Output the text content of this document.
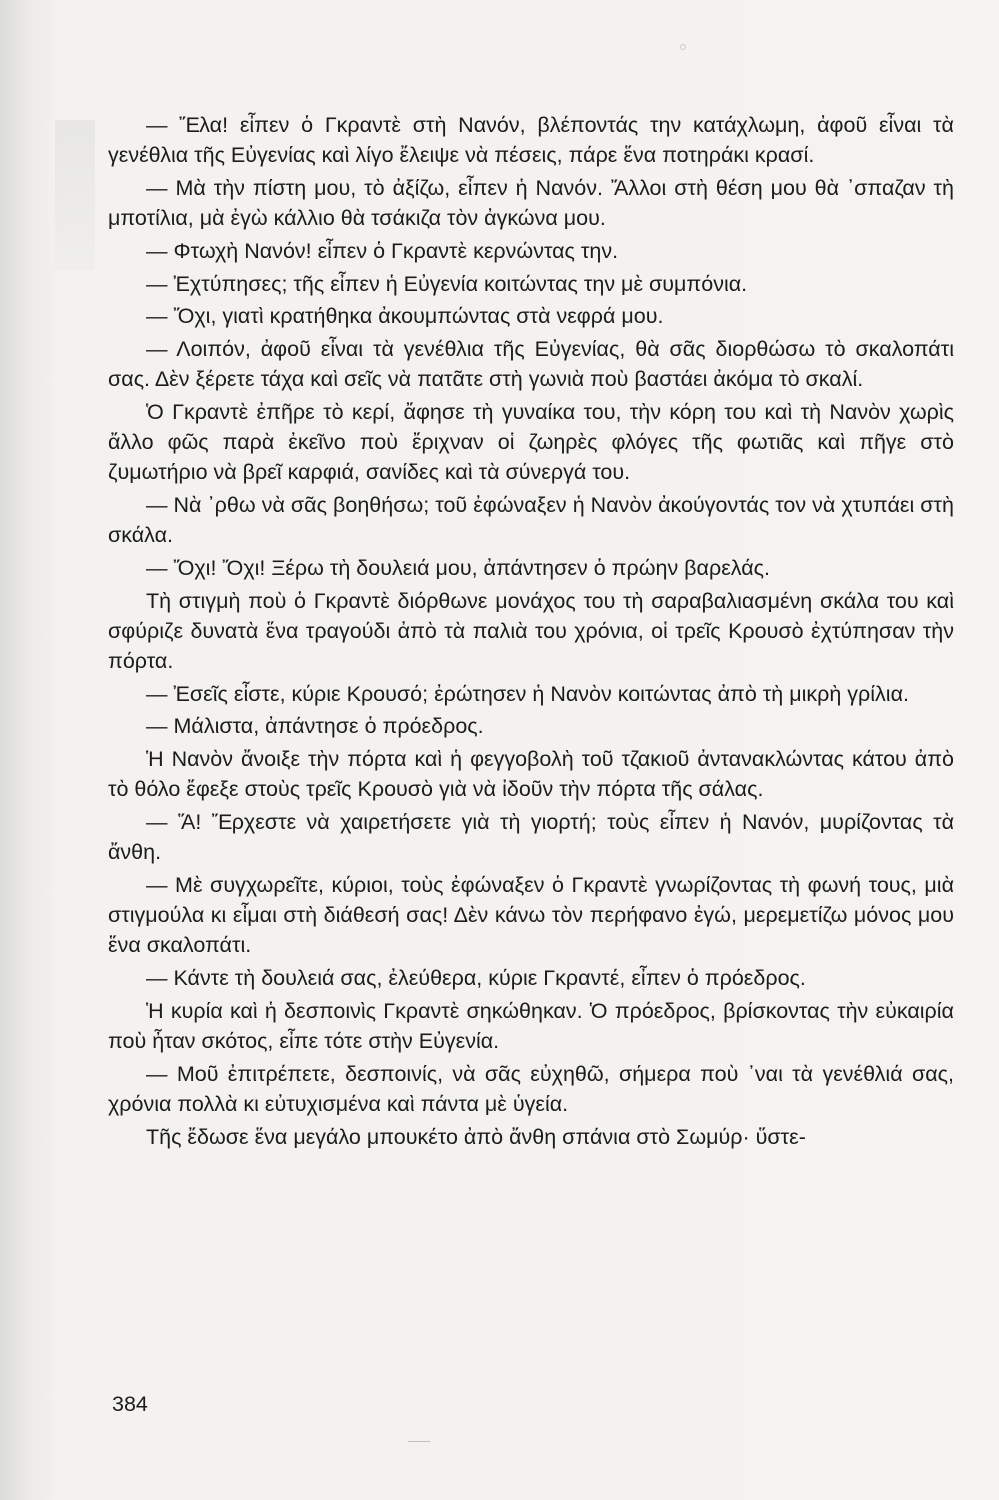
— Ἔλα! εἶπεν ὁ Γκραντὲ στὴ Νανόν, βλέποντάς την κατάχλωμη, ἀφοῦ εἶναι τὰ γενέθλια τῆς Εὐγενίας καὶ λίγο ἔλειψε νὰ πέσεις, πάρε ἕνα ποτηράκι κρασί.

— Μὰ τὴν πίστη μου, τὸ ἀξίζω, εἶπεν ἡ Νανόν. Ἄλλοι στὴ θέση μου θὰ ᾽σπαζαν τὴ μποτίλια, μὰ ἐγὼ κάλλιο θὰ τσάκιζα τὸν ἀγκώνα μου.

— Φτωχὴ Νανόν! εἶπεν ὁ Γκραντὲ κερνώντας την.

— Ἐχτύπησες; τῆς εἶπεν ἡ Εὐγενία κοιτώντας την μὲ συμπόνια.

— Ὄχι, γιατὶ κρατήθηκα ἀκουμπώντας στὰ νεφρά μου.

— Λοιπόν, ἀφοῦ εἶναι τὰ γενέθλια τῆς Εὐγενίας, θὰ σᾶς διορθώσω τὸ σκαλοπάτι σας. Δὲν ξέρετε τάχα καὶ σεῖς νὰ πατᾶτε στὴ γωνιὰ ποὺ βαστάει ἀκόμα τὸ σκαλί.

Ὁ Γκραντὲ ἐπῆρε τὸ κερί, ἄφησε τὴ γυναίκα του, τὴν κόρη του καὶ τὴ Νανὸν χωρὶς ἄλλο φῶς παρὰ ἐκεῖνο ποὺ ἔριχναν οἱ ζωηρὲς φλόγες τῆς φωτιᾶς καὶ πῆγε στὸ ζυμωτήριο νὰ βρεῖ καρφιά, σανίδες καὶ τὰ σύνεργά του.

— Νὰ ᾽ρθω νὰ σᾶς βοηθήσω; τοῦ ἐφώναξεν ἡ Νανὸν ἀκούγοντάς τον νὰ χτυπάει στὴ σκάλα.

— Ὄχι! Ὄχι! Ξέρω τὴ δουλειά μου, ἀπάντησεν ὁ πρώην βαρελάς.

Τὴ στιγμὴ ποὺ ὁ Γκραντὲ διόρθωνε μονάχος του τὴ σαραβαλιασμένη σκάλα του καὶ σφύριζε δυνατὰ ἕνα τραγούδι ἀπὸ τὰ παλιὰ του χρόνια, οἱ τρεῖς Κρουσὸ ἐχτύπησαν τὴν πόρτα.

— Ἐσεῖς εἶστε, κύριε Κρουσό; ἐρώτησεν ἡ Νανὸν κοιτώντας ἀπὸ τὴ μικρὴ γρίλια.

— Μάλιστα, ἀπάντησε ὁ πρόεδρος.

Ἡ Νανὸν ἄνοιξε τὴν πόρτα καὶ ἡ φεγγοβολὴ τοῦ τζακιοῦ ἀντανακλώντας κάτου ἀπὸ τὸ θόλο ἔφεξε στοὺς τρεῖς Κρουσὸ γιὰ νὰ ἰδοῦν τὴν πόρτα τῆς σάλας.

— Ἅ! Ἔρχεστε νὰ χαιρετήσετε γιὰ τὴ γιορτή; τοὺς εἶπεν ἡ Νανόν, μυρίζοντας τὰ ἄνθη.

— Μὲ συγχωρεῖτε, κύριοι, τοὺς ἐφώναξεν ὁ Γκραντὲ γνωρίζοντας τὴ φωνή τους, μιὰ στιγμούλα κι εἶμαι στὴ διάθεσή σας! Δὲν κάνω τὸν περήφανο ἐγώ, μερεμετίζω μόνος μου ἕνα σκαλοπάτι.

— Κάντε τὴ δουλειά σας, ἐλεύθερα, κύριε Γκραντέ, εἶπεν ὁ πρόεδρος.

Ἡ κυρία καὶ ἡ δεσποινὶς Γκραντὲ σηκώθηκαν. Ὁ πρόεδρος, βρίσκοντας τὴν εὐκαιρία ποὺ ἦταν σκότος, εἶπε τότε στὴν Εὐγενία.

— Μοῦ ἐπιτρέπετε, δεσποινίς, νὰ σᾶς εὐχηθῶ, σήμερα ποὺ ᾽ναι τὰ γενέθλιά σας, χρόνια πολλὰ κι εὐτυχισμένα καὶ πάντα μὲ ὑγεία.

Τῆς ἔδωσε ἕνα μεγάλο μπουκέτο ἀπὸ ἄνθη σπάνια στὸ Σωμύρ· ὕστε-

384
